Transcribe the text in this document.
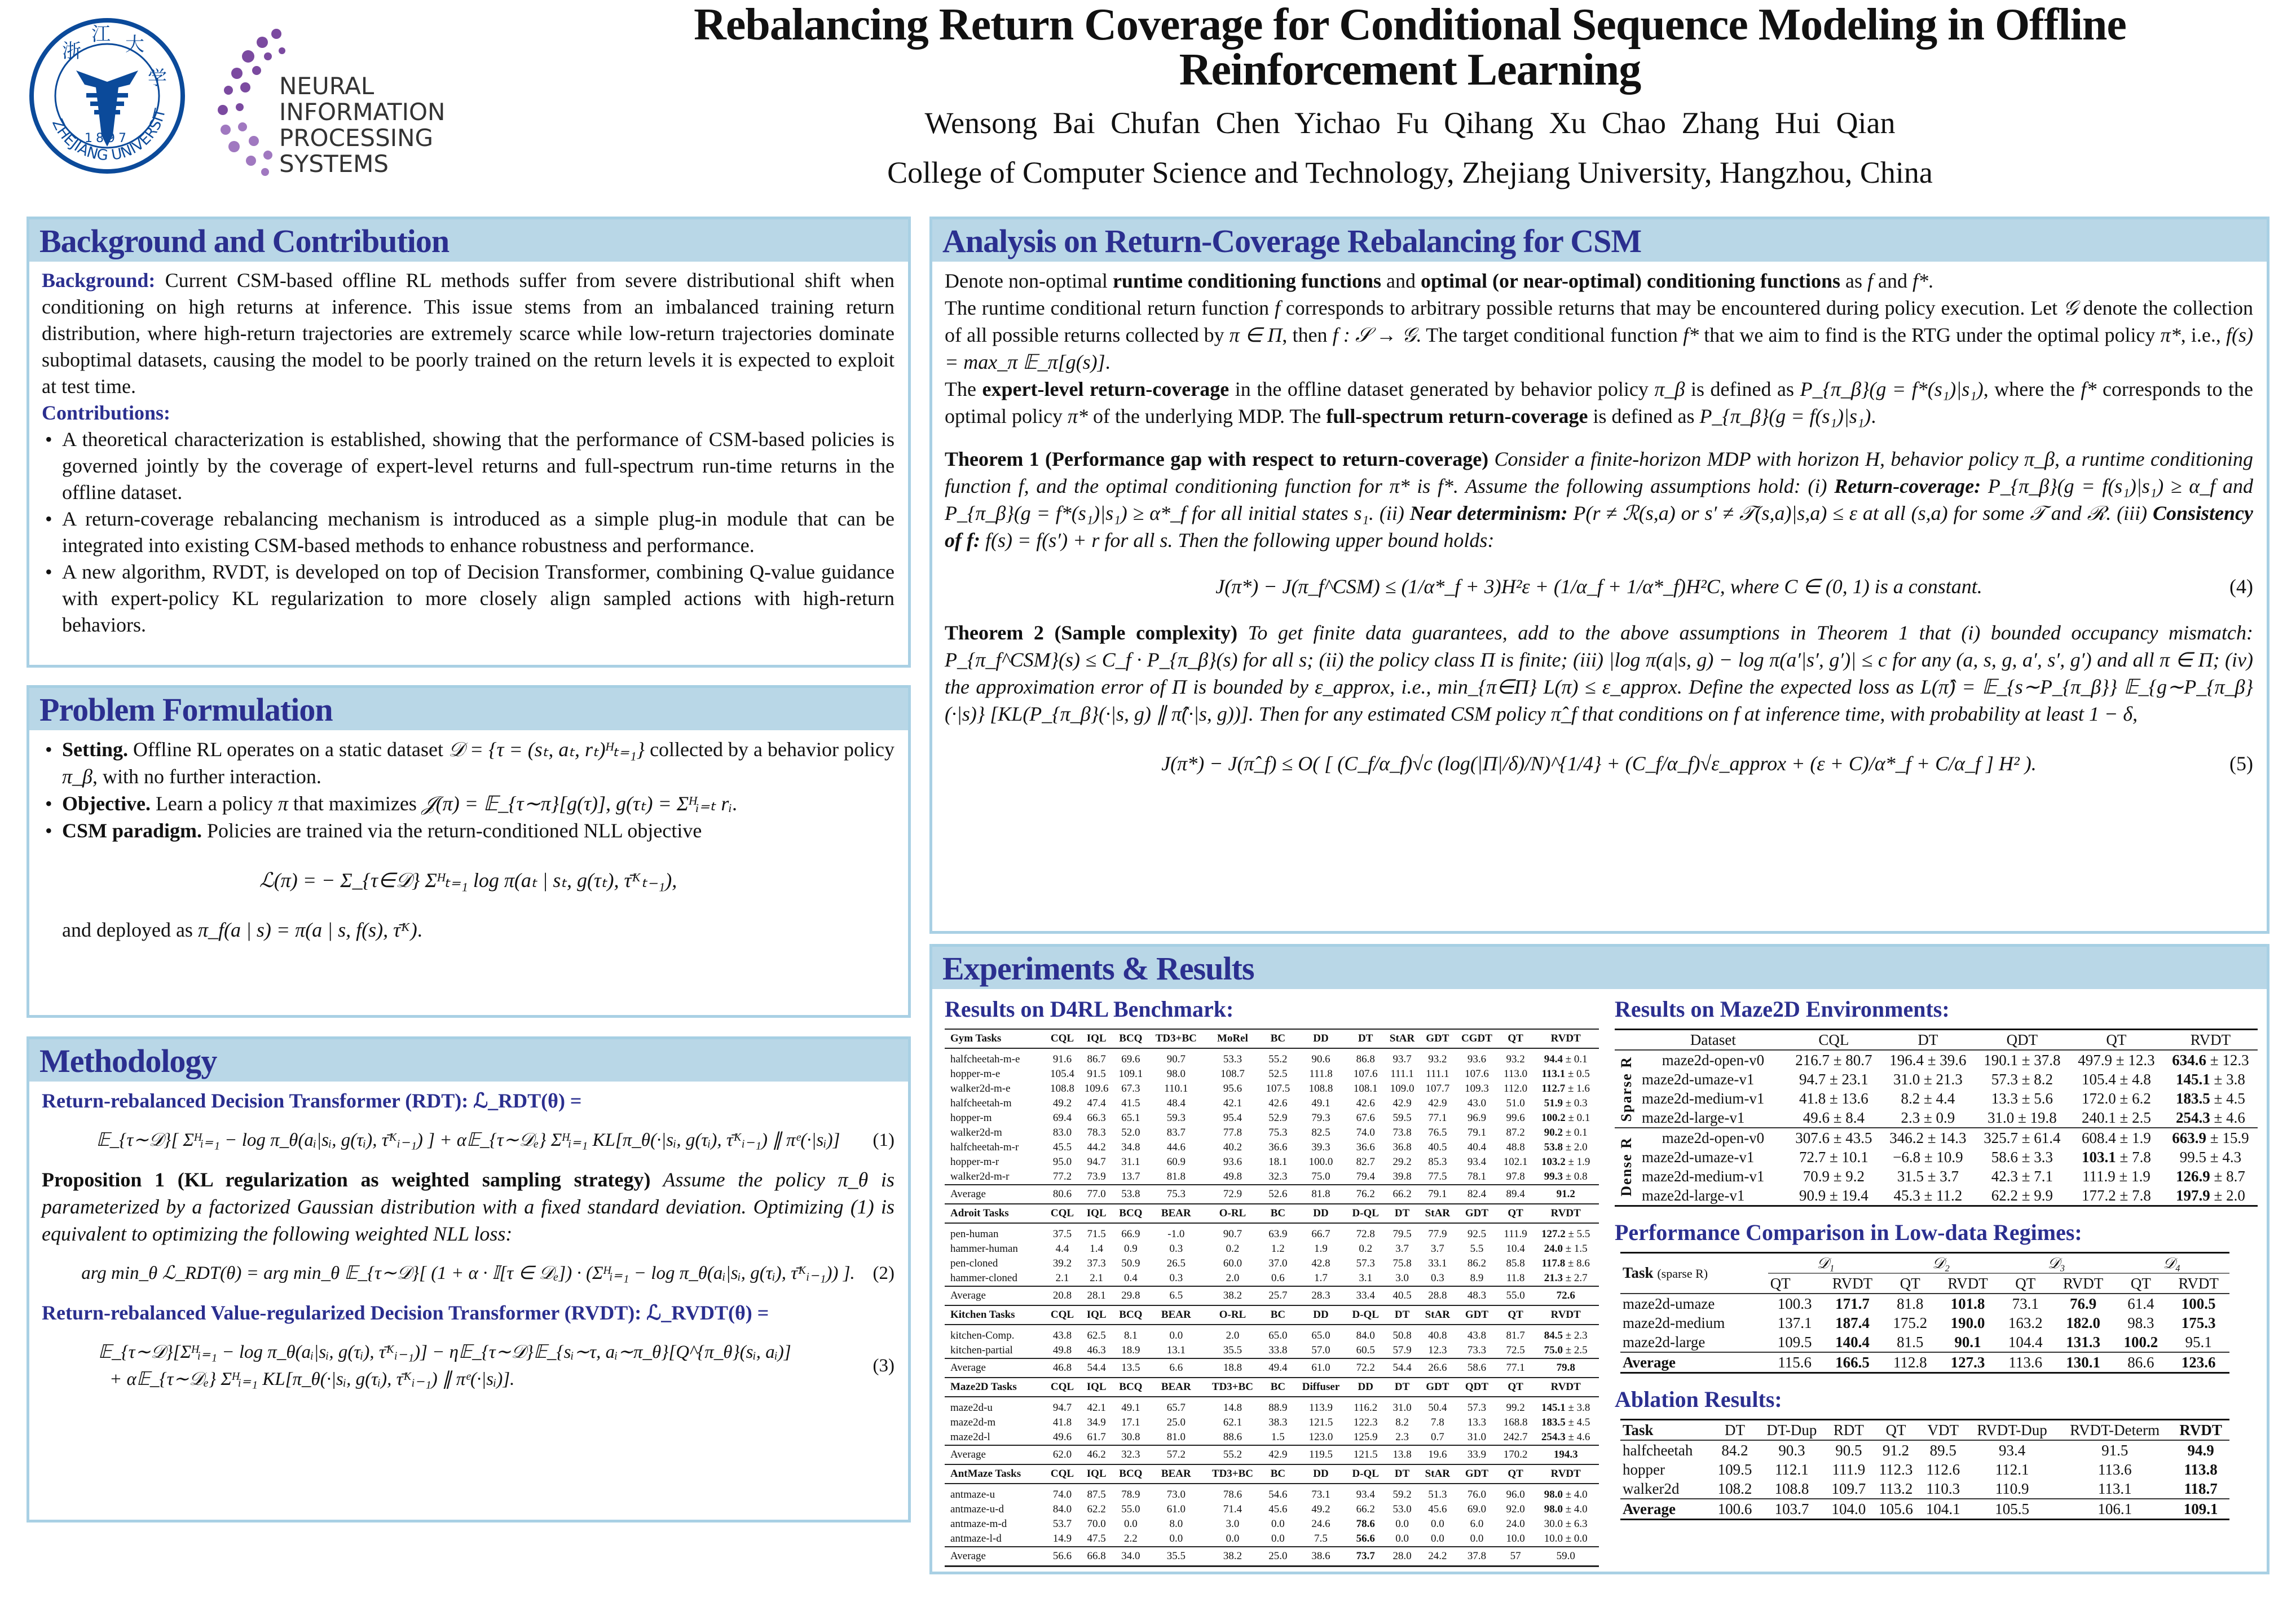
1897
浙
江 大
学
ZHEJIANG UNIVERSIT
NEURAL INFORMATION
PROCESSING SYSTEMS
Rebalancing Return Coverage for Conditional Sequence Modeling in Offline
Reinforcement Learning
Wensong Bai Chufan Chen Yichao Fu Qihang Xu Chao Zhang Hui Qian
College of Computer Science and Technology, Zhejiang University, Hangzhou, China
Background and Contribution

Background: Current CSM-based offline RL methods suffer from severe distributional shift when conditioning on high returns at inference. This issue stems from an imbalanced training return distribution, where high-return trajectories are extremely scarce while low-return trajectories dominate suboptimal datasets, causing the model to be poorly trained on the return levels it is expected to exploit at test time.

Contributions:

• A theoretical characterization is established, showing that the performance of CSM-based policies is governed jointly by the coverage of expert-level returns and full-spectrum run-time returns in the offline dataset.
• A return-coverage rebalancing mechanism is introduced as a simple plug-in module that can be integrated into existing CSM-based methods to enhance robustness and performance.
• A new algorithm, RVDT, is developed on top of Decision Transformer, combining Q-value guidance with expert-policy KL regularization to more closely align sampled actions with high-return behaviors.
Problem Formulation
• Setting. Offline RL operates on a static dataset 𝒟 = {τ = (sₜ, aₜ, rₜ)ᴴₜ₌₁} collected by a behavior policy π_β, with no further interaction.
• Objective. Learn a policy π that maximizes 𝒥(π) = 𝔼_{τ∼π}[g(τ)], g(τₜ) = Σᴴᵢ₌ₜ rᵢ.
• CSM paradigm. Policies are trained via the return-conditioned NLL objective
ℒ(π) = − Σ_{τ∈𝒟} Σᴴₜ₌₁ log π(aₜ | sₜ, g(τₜ), τ̄ᴷₜ₋₁),

and deployed as π_f(a | s) = π(a | s, f(s), τ̄ᴷ).

Methodology

Return-rebalanced Decision Transformer (RDT): ℒ_RDT(θ) =

𝔼_{τ∼𝒟}[ Σᴴᵢ₌₁ − log π_θ(aᵢ|sᵢ, g(τᵢ), τ̄ᴷᵢ₋₁) ] + α𝔼_{τ∼𝒟ₑ} Σᴴᵢ₌₁ KL[π_θ(·|sᵢ, g(τᵢ), τ̄ᴷᵢ₋₁) ∥ πᵉ(·|sᵢ)] (1)

Proposition 1 (KL regularization as weighted sampling strategy) Assume the policy π_θ is parameterized by a factorized Gaussian distribution with a fixed standard deviation. Optimizing (1) is equivalent to optimizing the following weighted NLL loss:

arg min_θ ℒ_RDT(θ) = arg min_θ 𝔼_{τ∼𝒟}[ (1 + α · 𝕀[τ ∈ 𝒟ₑ]) · (Σᴴᵢ₌₁ − log π_θ(aᵢ|sᵢ, g(τᵢ), τ̄ᴷᵢ₋₁)) ]. (2)

Return-rebalanced Value-regularized Decision Transformer (RVDT): ℒ_RVDT(θ) =

𝔼_{τ∼𝒟}[Σᴴᵢ₌₁ − log π_θ(aᵢ|sᵢ, g(τᵢ), τ̄ᴷᵢ₋₁)] − η𝔼_{τ∼𝒟}𝔼_{sᵢ∼τ, aᵢ∼π_θ}[Q^{π_θ}(sᵢ, aᵢ)]
+ α𝔼_{τ∼𝒟ₑ} Σᴴᵢ₌₁ KL[π_θ(·|sᵢ, g(τᵢ), τ̄ᴷᵢ₋₁) ∥ πᵉ(·|sᵢ)].
(3)
Analysis on Return-Coverage Rebalancing for CSM

Denote non-optimal runtime conditioning functions and optimal (or near-optimal) conditioning functions as f and f*.

The runtime conditional return function f corresponds to arbitrary possible returns that may be encountered during policy execution. Let 𝒢 denote the collection of all possible returns collected by π ∈ Π, then f : 𝒮 → 𝒢. The target conditional function f* that we aim to find is the RTG under the optimal policy π*, i.e., f(s) = max_π 𝔼_π[g(s)].

The expert-level return-coverage in the offline dataset generated by behavior policy π_β is defined as P_{π_β}(g = f*(s₁)|s₁), where the f* corresponds to the optimal policy π* of the underlying MDP. The full-spectrum return-coverage is defined as P_{π_β}(g = f(s₁)|s₁).

Theorem 1 (Performance gap with respect to return-coverage) Consider a finite-horizon MDP with horizon H, behavior policy π_β, a runtime conditioning function f, and the optimal conditioning function for π* is f*. Assume the following assumptions hold: (i) Return-coverage: P_{π_β}(g = f(s₁)|s₁) ≥ α_f and P_{π_β}(g = f*(s₁)|s₁) ≥ α*_f for all initial states s₁. (ii) Near determinism: P(r ≠ ℛ(s,a) or s′ ≠ 𝒯(s,a)|s,a) ≤ ε at all (s,a) for some 𝒯 and ℛ. (iii) Consistency of f: f(s) = f(s′) + r for all s. Then the following upper bound holds:

J(π*) − J(π_f^CSM) ≤ (1/α*_f + 3)H²ε + (1/α_f + 1/α*_f)H²C, where C ∈ (0, 1) is a constant.	(4)

Theorem 2 (Sample complexity) To get finite data guarantees, add to the above assumptions in Theorem 1 that (i) bounded occupancy mismatch: P_{π_f^CSM}(s) ≤ C_f · P_{π_β}(s) for all s; (ii) the policy class Π is finite; (iii) |log π(a|s, g) − log π(a′|s′, g′)| ≤ c for any (a, s, g, a′, s′, g′) and all π ∈ Π; (iv) the approximation error of Π is bounded by ε_approx, i.e., min_{π∈Π} L(π) ≤ ε_approx. Define the expected loss as L(π̂) = 𝔼_{s∼P_{π_β}} 𝔼_{g∼P_{π_β}(·|s)} [KL(P_{π_β}(·|s, g) ∥ π̂(·|s, g))]. Then for any estimated CSM policy π̂_f that conditions on f at inference time, with probability at least 1 − δ,

J(π*) − J(π̂_f) ≤ O( [ (C_f/α_f)√c (log(|Π|/δ)/N)^{1/4} + (C_f/α_f)√ε_approx + (ε + C)/α*_f + C/α_f ] H² ).	(5)
Experiments & Results
Results on D4RL Benchmark:
Gym Tasks	CQL	IQL	BCQ	TD3+BC	MoRel	BC	DD	DT	StAR	GDT	CGDT	QT	RVDT
halfcheetah-m-e	91.6	86.7	69.6	90.7	53.3	55.2	90.6	86.8	93.7	93.2	93.6	93.2	94.4 ± 0.1
hopper-m-e	105.4	91.5	109.1	98.0	108.7	52.5	111.8	107.6	111.1	111.1	107.6	113.0	113.1 ± 0.5
walker2d-m-e	108.8	109.6	67.3	110.1	95.6	107.5	108.8	108.1	109.0	107.7	109.3	112.0	112.7 ± 1.6
halfcheetah-m	49.2	47.4	41.5	48.4	42.1	42.6	49.1	42.6	42.9	42.9	43.0	51.0	51.9 ± 0.3
hopper-m	69.4	66.3	65.1	59.3	95.4	52.9	79.3	67.6	59.5	77.1	96.9	99.6	100.2 ± 0.1
walker2d-m	83.0	78.3	52.0	83.7	77.8	75.3	82.5	74.0	73.8	76.5	79.1	87.2	90.2 ± 0.1
halfcheetah-m-r	45.5	44.2	34.8	44.6	40.2	36.6	39.3	36.6	36.8	40.5	40.4	48.8	53.8 ± 2.0
hopper-m-r	95.0	94.7	31.1	60.9	93.6	18.1	100.0	82.7	29.2	85.3	93.4	102.1	103.2 ± 1.9
walker2d-m-r	77.2	73.9	13.7	81.8	49.8	32.3	75.0	79.4	39.8	77.5	78.1	97.8	99.3 ± 0.8
Average	80.6	77.0	53.8	75.3	72.9	52.6	81.8	76.2	66.2	79.1	82.4	89.4	91.2
Adroit Tasks	CQL	IQL	BCQ	BEAR	O-RL	BC	DD	D-QL	DT	StAR	GDT	QT	RVDT
pen-human	37.5	71.5	66.9	-1.0	90.7	63.9	66.7	72.8	79.5	77.9	92.5	111.9	127.2 ± 5.5
hammer-human	4.4	1.4	0.9	0.3	0.2	1.2	1.9	0.2	3.7	3.7	5.5	10.4	24.0 ± 1.5
pen-cloned	39.2	37.3	50.9	26.5	60.0	37.0	42.8	57.3	75.8	33.1	86.2	85.8	117.8 ± 8.6
hammer-cloned	2.1	2.1	0.4	0.3	2.0	0.6	1.7	3.1	3.0	0.3	8.9	11.8	21.3 ± 2.7
Average	20.8	28.1	29.8	6.5	38.2	25.7	28.3	33.4	40.5	28.8	48.3	55.0	72.6
Kitchen Tasks	CQL	IQL	BCQ	BEAR	O-RL	BC	DD	D-QL	DT	StAR	GDT	QT	RVDT
kitchen-Comp.	43.8	62.5	8.1	0.0	2.0	65.0	65.0	84.0	50.8	40.8	43.8	81.7	84.5 ± 2.3
kitchen-partial	49.8	46.3	18.9	13.1	35.5	33.8	57.0	60.5	57.9	12.3	73.3	72.5	75.0 ± 2.5
Average	46.8	54.4	13.5	6.6	18.8	49.4	61.0	72.2	54.4	26.6	58.6	77.1	79.8
Maze2D Tasks	CQL	IQL	BCQ	BEAR	TD3+BC	BC	Diffuser	DD	DT	GDT	QDT	QT	RVDT
maze2d-u	94.7	42.1	49.1	65.7	14.8	88.9	113.9	116.2	31.0	50.4	57.3	99.2	145.1 ± 3.8
maze2d-m	41.8	34.9	17.1	25.0	62.1	38.3	121.5	122.3	8.2	7.8	13.3	168.8	183.5 ± 4.5
maze2d-l	49.6	61.7	30.8	81.0	88.6	1.5	123.0	125.9	2.3	0.7	31.0	242.7	254.3 ± 4.6
Average	62.0	46.2	32.3	57.2	55.2	42.9	119.5	121.5	13.8	19.6	33.9	170.2	194.3
AntMaze Tasks	CQL	IQL	BCQ	BEAR	TD3+BC	BC	DD	D-QL	DT	StAR	GDT	QT	RVDT
antmaze-u	74.0	87.5	78.9	73.0	78.6	54.6	73.1	93.4	59.2	51.3	76.0	96.0	98.0 ± 4.0
antmaze-u-d	84.0	62.2	55.0	61.0	71.4	45.6	49.2	66.2	53.0	45.6	69.0	92.0	98.0 ± 4.0
antmaze-m-d	53.7	70.0	0.0	8.0	3.0	0.0	24.6	78.6	0.0	0.0	6.0	24.0	30.0 ± 6.3
antmaze-l-d	14.9	47.5	2.2	0.0	0.0	0.0	7.5	56.6	0.0	0.0	0.0	10.0	10.0 ± 0.0
Average	56.6	66.8	34.0	35.5	38.2	25.0	38.6	73.7	28.0	24.2	37.8	57	59.0
Results on Maze2D Environments:
	Dataset	CQL	DT	QDT	QT	RVDT

Sparse R	maze2d-open-v0	216.7 ± 80.7	196.4 ± 39.6	190.1 ± 37.8	497.9 ± 12.3	634.6 ± 12.3
	maze2d-umaze-v1	94.7 ± 23.1	31.0 ± 21.3	57.3 ± 8.2	105.4 ± 4.8	145.1 ± 3.8
	maze2d-medium-v1	41.8 ± 13.6	8.2 ± 4.4	13.3 ± 5.6	172.0 ± 6.2	183.5 ± 4.5
	maze2d-large-v1	49.6 ± 8.4	2.3 ± 0.9	31.0 ± 19.8	240.1 ± 2.5	254.3 ± 4.6

Dense R	maze2d-open-v0	307.6 ± 43.5	346.2 ± 14.3	325.7 ± 61.4	608.4 ± 1.9	663.9 ± 15.9
	maze2d-umaze-v1	72.7 ± 10.1	−6.8 ± 10.9	58.6 ± 3.3	103.1 ± 7.8	99.5 ± 4.3
	maze2d-medium-v1	70.9 ± 9.2	31.5 ± 3.7	42.3 ± 7.1	111.9 ± 1.9	126.9 ± 8.7
	maze2d-large-v1	90.9 ± 19.4	45.3 ± 11.2	62.2 ± 9.9	177.2 ± 7.8	197.9 ± 2.0
Performance Comparison in Low-data Regimes:
Task (sparse R)	𝒟₁		𝒟₂		𝒟₃		𝒟₄	
	QT	RVDT	QT	RVDT	QT	RVDT	QT	RVDT
maze2d-umaze	100.3	171.7	81.8	101.8	73.1	76.9	61.4	100.5
maze2d-medium	137.1	187.4	175.2	190.0	163.2	182.0	98.3	175.3
maze2d-large	109.5	140.4	81.5	90.1	104.4	131.3	100.2	95.1
Average	115.6	166.5	112.8	127.3	113.6	130.1	86.6	123.6
Ablation Results:
Task	DT	DT-Dup	RDT	QT	VDT	RVDT-Dup	RVDT-Determ	RVDT
halfcheetah	84.2	90.3	90.5	91.2	89.5	93.4	91.5	94.9
hopper	109.5	112.1	111.9	112.3	112.6	112.1	113.6	113.8
walker2d	108.2	108.8	109.7	113.2	110.3	110.9	113.1	118.7
Average	100.6	103.7	104.0	105.6	104.1	105.5	106.1	109.1
